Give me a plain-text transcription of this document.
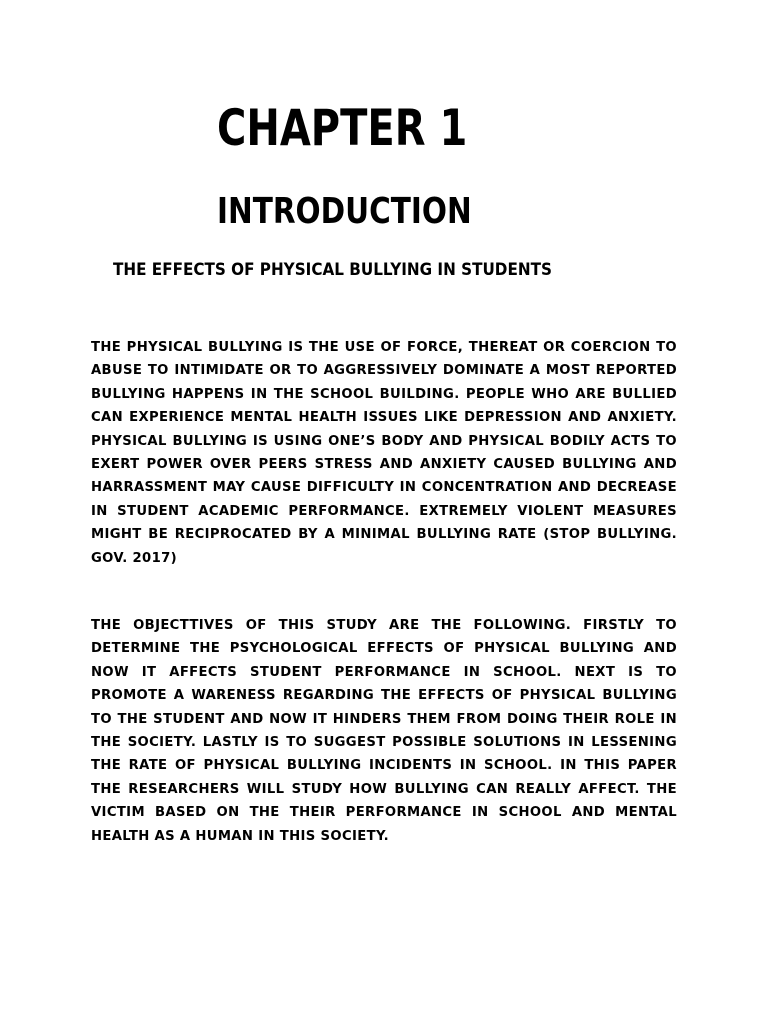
CHAPTER 1
INTRODUCTION
THE EFFECTS OF PHYSICAL BULLYING IN STUDENTS

THE PHYSICAL BULLYING IS THE USE OF FORCE, THEREAT OR COERCION TO ABUSE TO INTIMIDATE OR TO AGGRESSIVELY DOMINATE A MOST REPORTED BULLYING HAPPENS IN THE SCHOOL BUILDING. PEOPLE WHO ARE BULLIED CAN EXPERIENCE MENTAL HEALTH ISSUES LIKE DEPRESSION AND ANXIETY. PHYSICAL BULLYING IS USING ONE’S BODY AND PHYSICAL BODILY ACTS TO EXERT POWER OVER PEERS STRESS AND ANXIETY CAUSED BULLYING AND HARRASSMENT MAY CAUSE DIFFICULTY IN CONCENTRATION AND DECREASE IN STUDENT ACADEMIC PERFORMANCE. EXTREMELY VIOLENT MEASURES MIGHT BE RECIPROCATED BY A MINIMAL BULLYING RATE (STOP BULLYING. GOV. 2017)

THE OBJECTTIVES OF THIS STUDY ARE THE FOLLOWING. FIRSTLY TO DETERMINE THE PSYCHOLOGICAL EFFECTS OF PHYSICAL BULLYING AND NOW IT AFFECTS STUDENT PERFORMANCE IN SCHOOL. NEXT IS TO PROMOTE A WARENESS REGARDING THE EFFECTS OF PHYSICAL BULLYING TO THE STUDENT AND NOW IT HINDERS THEM FROM DOING THEIR ROLE IN THE SOCIETY. LASTLY IS TO SUGGEST POSSIBLE SOLUTIONS IN LESSENING THE RATE OF PHYSICAL BULLYING INCIDENTS IN SCHOOL. IN THIS PAPER THE RESEARCHERS WILL STUDY HOW BULLYING CAN REALLY AFFECT. THE VICTIM BASED ON THE THEIR PERFORMANCE IN SCHOOL AND MENTAL HEALTH AS A HUMAN IN THIS SOCIETY.
